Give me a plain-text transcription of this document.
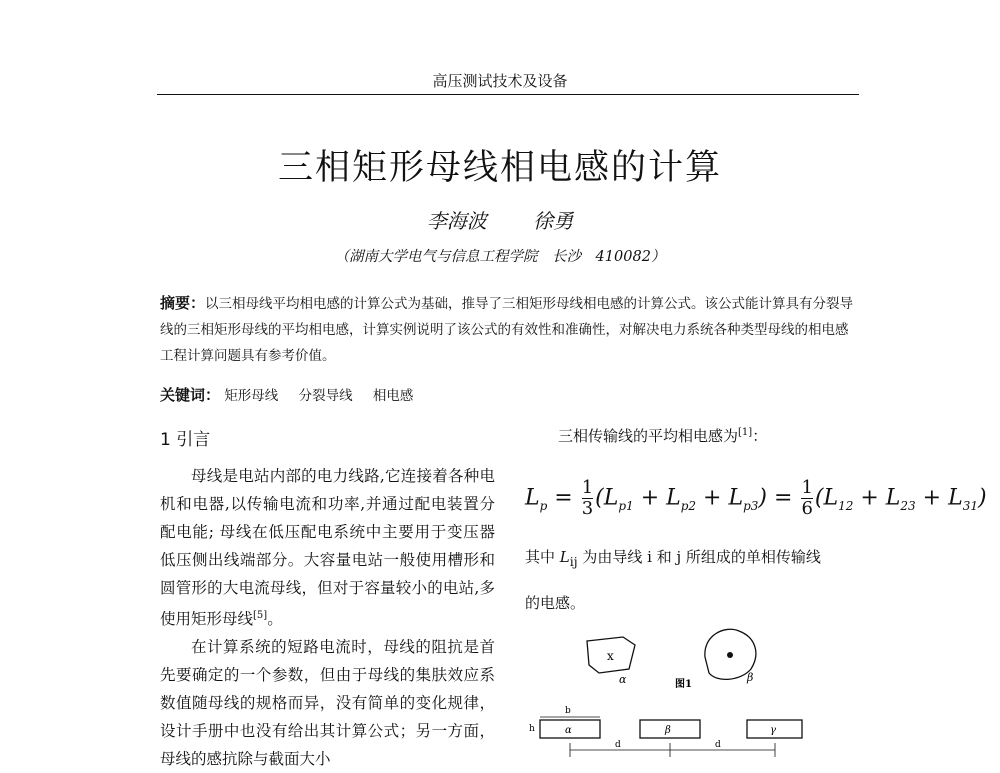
高压测试技术及设备
三相矩形母线相电感的计算
李海波 徐勇
（湖南大学电气与信息工程学院　长沙　410082）
摘要：以三相母线平均相电感的计算公式为基础，推导了三相矩形母线相电感的计算公式。该公式能计算具有分裂导线的三相矩形母线的平均相电感，计算实例说明了该公式的有效性和准确性，对解决电力系统各种类型母线的相电感工程计算问题具有参考价值。
关键词： 矩形母线 分裂导线 相电感
1 引言

母线是电站内部的电力线路,它连接着各种电机和电器,以传输电流和功率,并通过配电装置分配电能; 母线在低压配电系统中主要用于变压器低压侧出线端部分。大容量电站一般使用槽形和圆管形的大电流母线，但对于容量较小的电站,多使用矩形母线[5]。

在计算系统的短路电流时，母线的阻抗是首先要确定的一个参数，但由于母线的集肤效应系数值随母线的规格而异，没有简单的变化规律，设计手册中也没有给出其计算公式；另一方面，母线的感抗除与截面大小

三相传输线的平均相电感为[1]：
$L_p = \frac{1}{3} (L_{p1} + L_{p2} + L_{p3}) = \frac{1}{6} (L_{12} + L_{23} + L_{31})$
其中 $L_{ij}$ 为由导线 i 和 j 所组成的单相传输线
的电感。
x
α	β
图1
b
h	α	β	γ
d	d
